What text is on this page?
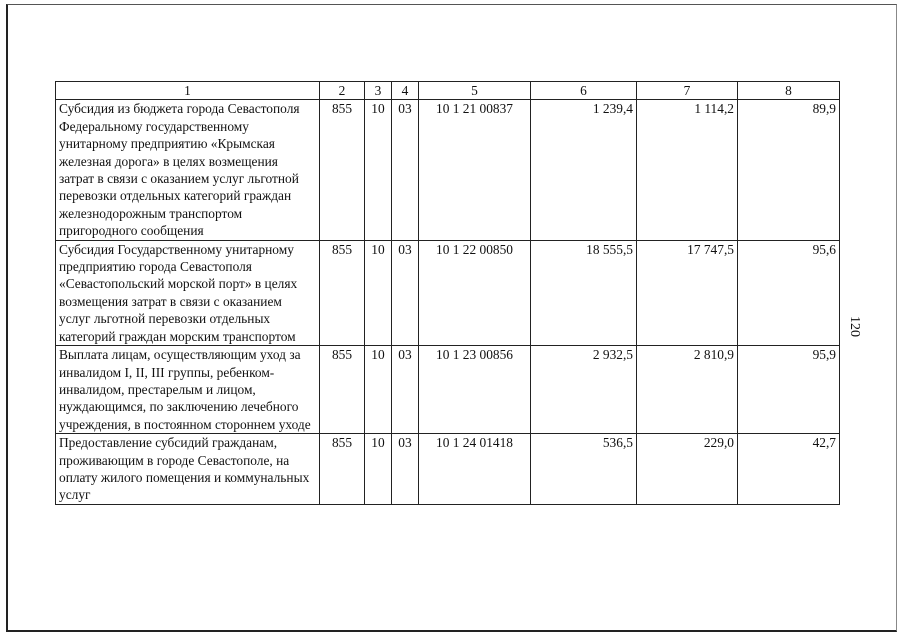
1	2	3	4	5	6	7	8
Субсидия из бюджета города Севастополя Федеральному государственному унитарному предприятию «Крымская железная дорога» в целях возмещения затрат в связи с оказанием услуг льготной перевозки отдельных категорий граждан железнодорожным транспортом пригородного сообщения	855	10	03	10 1 21 00837	1 239,4	1 114,2	89,9
Субсидия Государственному унитарному предприятию города Севастополя «Севастопольский морской порт» в целях возмещения затрат в связи с оказанием услуг льготной перевозки отдельных категорий граждан морским транспортом	855	10	03	10 1 22 00850	18 555,5	17 747,5	95,6
Выплата лицам, осуществляющим уход за инвалидом I, II, III группы, ребенком-инвалидом, престарелым и лицом, нуждающимся, по заключению лечебного учреждения, в постоянном стороннем уходе	855	10	03	10 1 23 00856	2 932,5	2 810,9	95,9
Предоставление субсидий гражданам, проживающим в городе Севастополе, на оплату жилого помещения и коммунальных услуг	855	10	03	10 1 24 01418	536,5	229,0	42,7
120
